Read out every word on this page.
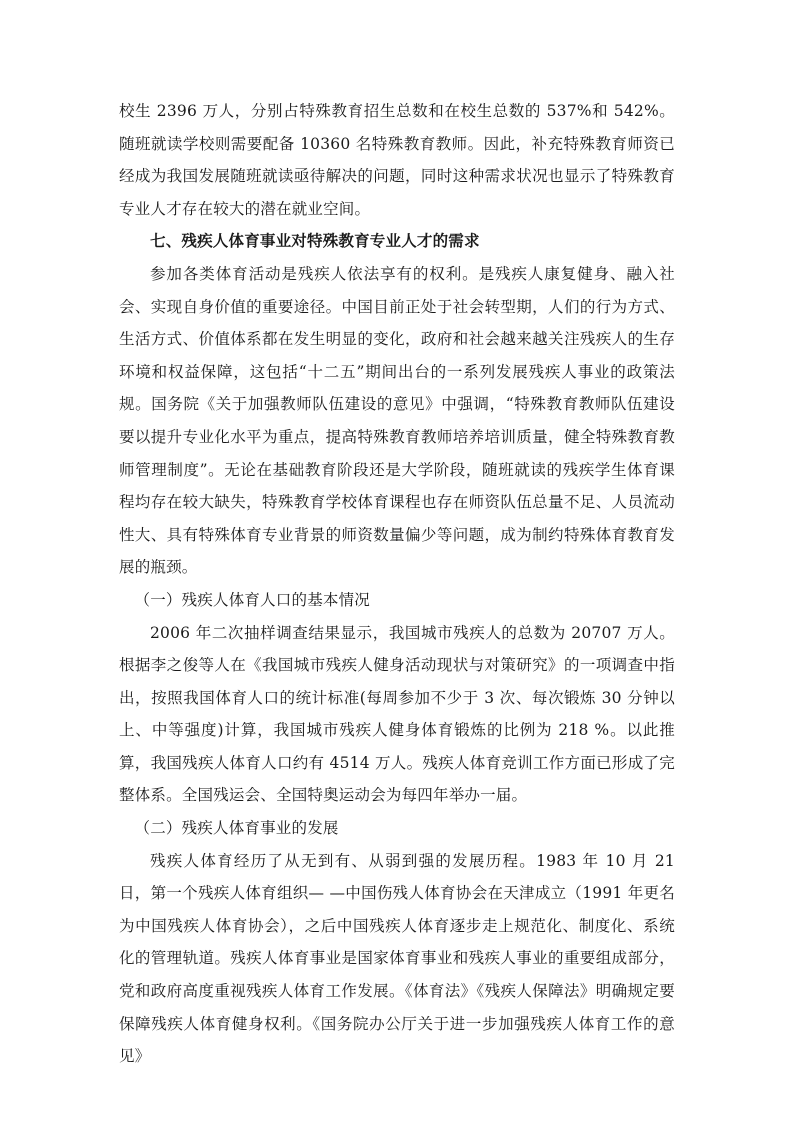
校生 2396 万人，分别占特殊教育招生总数和在校生总数的 537%和 542%。随班就读学校则需要配备 10360 名特殊教育教师。因此，补充特殊教育师资已经成为我国发展随班就读亟待解决的问题，同时这种需求状况也显示了特殊教育专业人才存在较大的潜在就业空间。

七、残疾人体育事业对特殊教育专业人才的需求

参加各类体育活动是残疾人依法享有的权利。是残疾人康复健身、融入社会、实现自身价值的重要途径。中国目前正处于社会转型期，人们的行为方式、生活方式、价值体系都在发生明显的变化，政府和社会越来越关注残疾人的生存环境和权益保障，这包括“十二五”期间出台的一系列发展残疾人事业的政策法规。国务院《关于加强教师队伍建设的意见》中强调，“特殊教育教师队伍建设要以提升专业化水平为重点，提高特殊教育教师培养培训质量，健全特殊教育教师管理制度”。无论在基础教育阶段还是大学阶段，随班就读的残疾学生体育课程均存在较大缺失，特殊教育学校体育课程也存在师资队伍总量不足、人员流动性大、具有特殊体育专业背景的师资数量偏少等问题，成为制约特殊体育教育发展的瓶颈。

（一）残疾人体育人口的基本情况

2006 年二次抽样调查结果显示，我国城市残疾人的总数为 20707 万人。根据李之俊等人在《我国城市残疾人健身活动现状与对策研究》的一项调查中指出，按照我国体育人口的统计标准(每周参加不少于 3 次、每次锻炼 30 分钟以上、中等强度)计算，我国城市残疾人健身体育锻炼的比例为 218 %。以此推算，我国残疾人体育人口约有 4514 万人。残疾人体育竞训工作方面已形成了完整体系。全国残运会、全国特奥运动会为每四年举办一届。

（二）残疾人体育事业的发展

残疾人体育经历了从无到有、从弱到强的发展历程。1983 年 10 月 21 日，第一个残疾人体育组织— —中国伤残人体育协会在天津成立（1991 年更名为中国残疾人体育协会），之后中国残疾人体育逐步走上规范化、制度化、系统化的管理轨道。残疾人体育事业是国家体育事业和残疾人事业的重要组成部分，党和政府高度重视残疾人体育工作发展。《体育法》《残疾人保障法》明确规定要保障残疾人体育健身权利。《国务院办公厅关于进一步加强残疾人体育工作的意见》
